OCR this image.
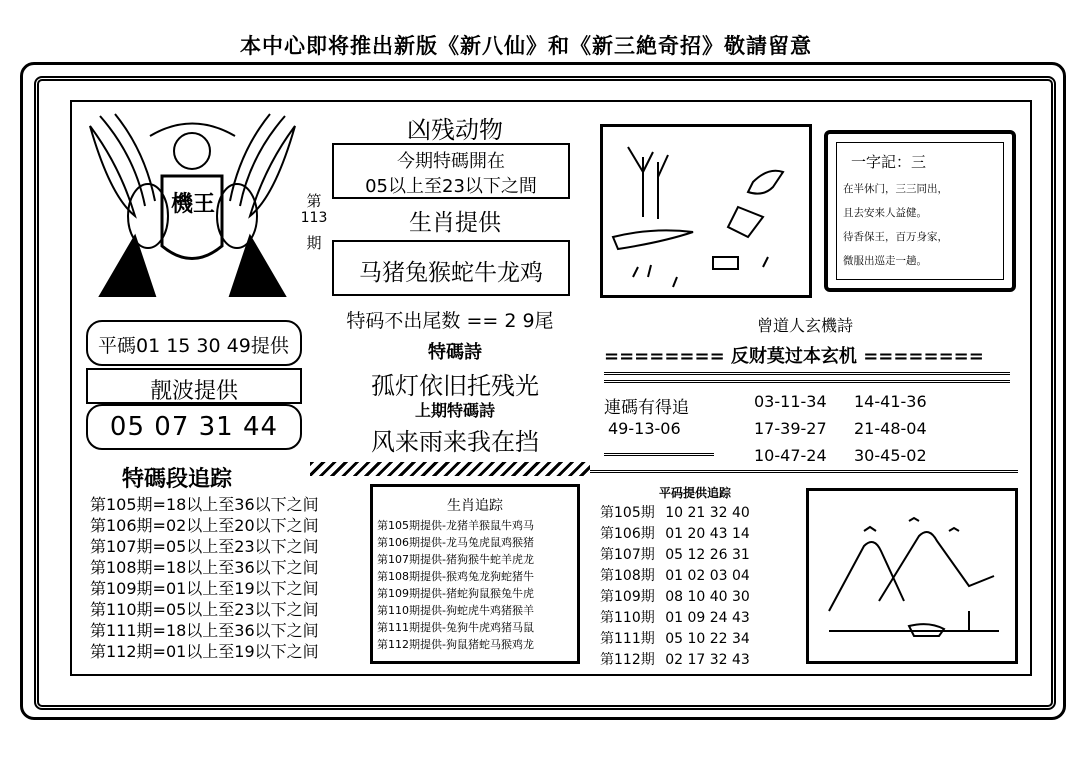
本中心即将推出新版《新八仙》和《新三絶奇招》敬請留意
機王	第
113
期
平碼01 15 30 49提供
靓波提供
05 07 31 44
凶残动物
今期特碼開在
05以上至23以下之間
生肖提供
马猪兔猴蛇牛龙鸡
特码不出尾数 == 2 9尾
特碼詩
孤灯依旧托残光
上期特碼詩
风来雨来我在挡
一字記：三
在半休门，三三同出，
且去安来人益健。
待香保王，百万身家，
微服出巡走一趟。
曾道人玄機詩
======== 反财莫过本玄机 ========
連碼有得追
49-13-06
03-11-34
17-39-27
10-47-24
14-41-36
21-48-04
30-45-02
特碼段追踪
第105期=18以上至36以下之间
第106期=02以上至20以下之间
第107期=05以上至23以下之间
第108期=18以上至36以下之间
第109期=01以上至19以下之间
第110期=05以上至23以下之间
第111期=18以上至36以下之间
第112期=01以上至19以下之间
生肖追踪
第105期提供-龙猪羊猴鼠牛鸡马
第106期提供-龙马兔虎鼠鸡猴猪
第107期提供-猪狗猴牛蛇羊虎龙
第108期提供-猴鸡兔龙狗蛇猪牛
第109期提供-猪蛇狗鼠猴兔牛虎
第110期提供-狗蛇虎牛鸡猪猴羊
第111期提供-兔狗牛虎鸡猪马鼠
第112期提供-狗鼠猪蛇马猴鸡龙
平码提供追踪
第105期 10 21 32 40
第106期 01 20 43 14
第107期 05 12 26 31
第108期 01 02 03 04
第109期 08 10 40 30
第110期 01 09 24 43
第111期 05 10 22 34
第112期 02 17 32 43
